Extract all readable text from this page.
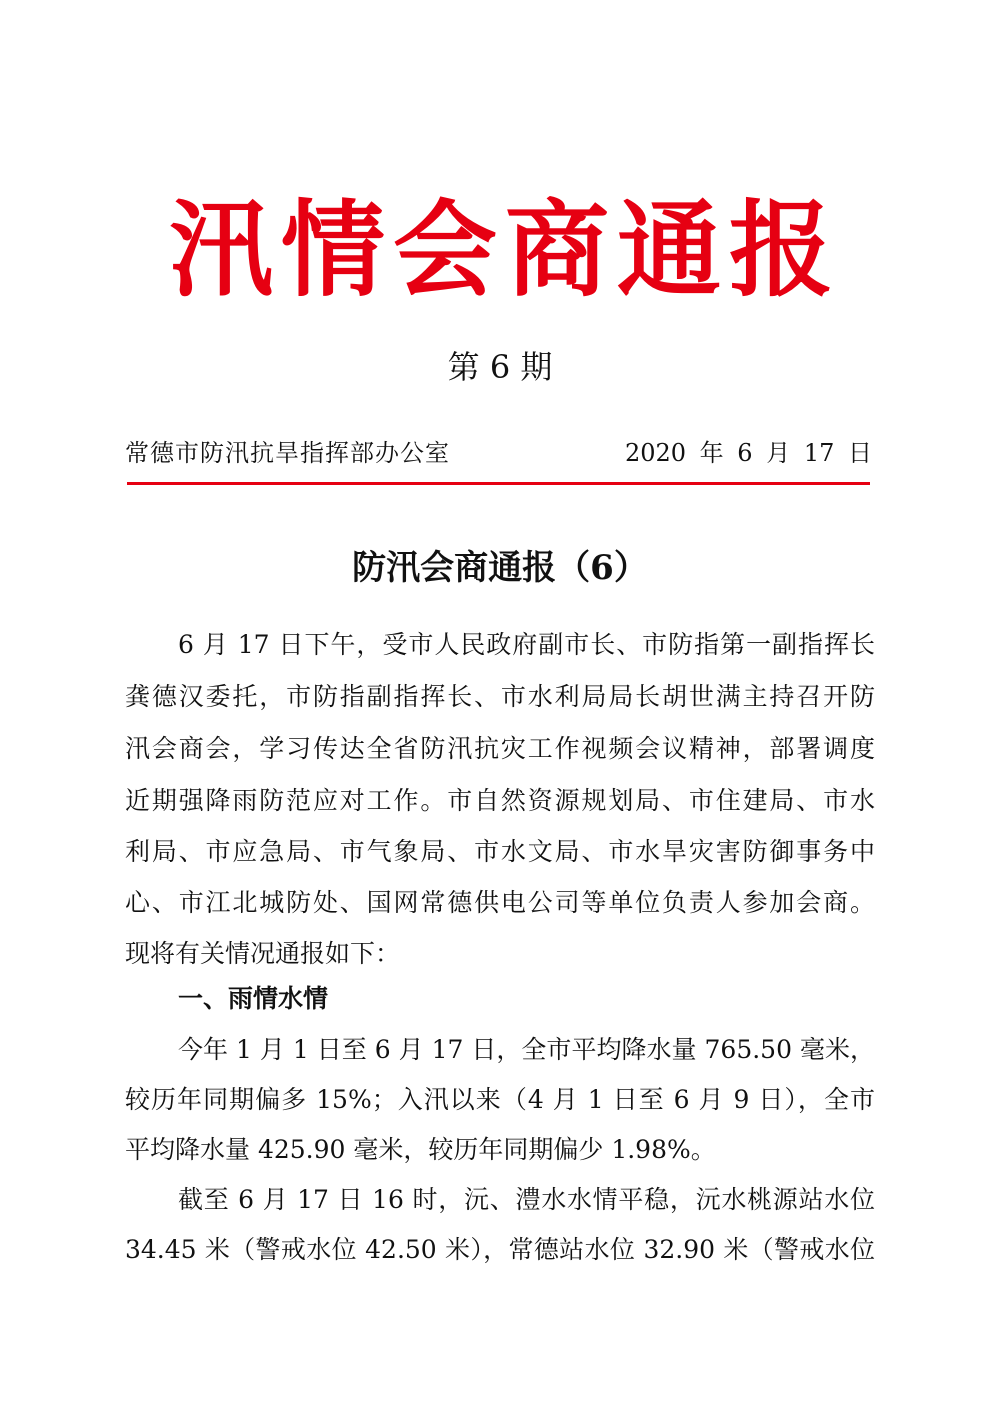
汛情会商通报
第 6 期
常德市防汛抗旱指挥部办公室	2020 年 6 月 17 日
防汛会商通报（6）
6 月 17 日下午，受市人民政府副市长、市防指第一副指挥长
龚德汉委托，市防指副指挥长、市水利局局长胡世满主持召开防
汛会商会，学习传达全省防汛抗灾工作视频会议精神，部署调度
近期强降雨防范应对工作。市自然资源规划局、市住建局、市水
利局、市应急局、市气象局、市水文局、市水旱灾害防御事务中
心、市江北城防处、国网常德供电公司等单位负责人参加会商。
现将有关情况通报如下：
一、雨情水情
今年 1 月 1 日至 6 月 17 日，全市平均降水量 765.50 毫米，
较历年同期偏多 15%；入汛以来（4 月 1 日至 6 月 9 日），全市
平均降水量 425.90 毫米，较历年同期偏少 1.98%。
截至 6 月 17 日 16 时，沅、澧水水情平稳，沅水桃源站水位
34.45 米（警戒水位 42.50 米），常德站水位 32.90 米（警戒水位
